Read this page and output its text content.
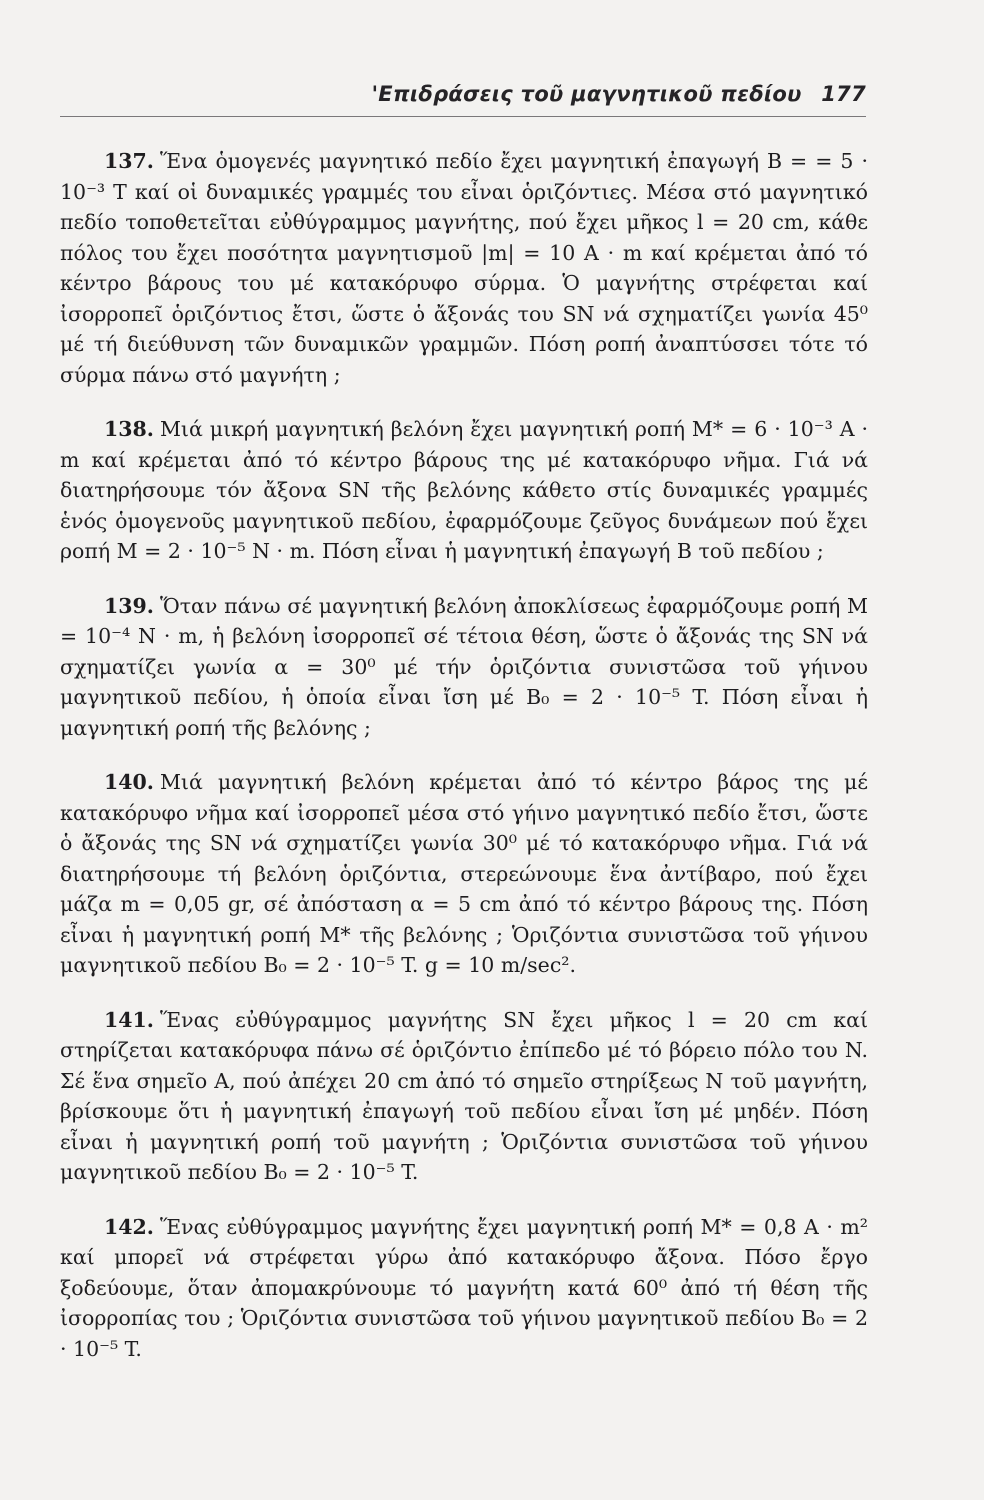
'Επιδράσεις τοῦ μαγνητικοῦ πεδίου 177

137. Ἕνα ὁμογενές μαγνητικό πεδίο ἔχει μαγνητική ἐπαγωγή B = = 5 · 10⁻³ T καί οἱ δυναμικές γραμμές του εἶναι ὁριζόντιες. Μέσα στό μαγνητικό πεδίο τοποθετεῖται εὐθύγραμμος μαγνήτης, πού ἔχει μῆκος l = 20 cm, κάθε πόλος του ἔχει ποσότητα μαγνητισμοῦ |m| = 10 A · m καί κρέμεται ἀπό τό κέντρο βάρους του μέ κατακόρυφο σύρμα. Ὁ μαγνήτης στρέφεται καί ἰσορροπεῖ ὁριζόντιος ἔτσι, ὥστε ὁ ἄξονάς του SN νά σχηματίζει γωνία 45⁰ μέ τή διεύθυνση τῶν δυναμικῶν γραμμῶν. Πόση ροπή ἀναπτύσσει τότε τό σύρμα πάνω στό μαγνήτη ;

138. Μιά μικρή μαγνητική βελόνη ἔχει μαγνητική ροπή M* = 6 · 10⁻³ A · m καί κρέμεται ἀπό τό κέντρο βάρους της μέ κατακόρυφο νῆμα. Γιά νά διατηρήσουμε τόν ἄξονα SN τῆς βελόνης κάθετο στίς δυναμικές γραμμές ἑνός ὁμογενοῦς μαγνητικοῦ πεδίου, ἐφαρμόζουμε ζεῦγος δυνάμεων πού ἔχει ροπή M = 2 · 10⁻⁵ N · m. Πόση εἶναι ἡ μαγνητική ἐπαγωγή B τοῦ πεδίου ;

139. Ὅταν πάνω σέ μαγνητική βελόνη ἀποκλίσεως ἐφαρμόζουμε ροπή M = 10⁻⁴ N · m, ἡ βελόνη ἰσορροπεῖ σέ τέτοια θέση, ὥστε ὁ ἄξονάς της SN νά σχηματίζει γωνία α = 30⁰ μέ τήν ὁριζόντια συνιστῶσα τοῦ γήινου μαγνητικοῦ πεδίου, ἡ ὁποία εἶναι ἴση μέ B₀ = 2 · 10⁻⁵ T. Πόση εἶναι ἡ μαγνητική ροπή τῆς βελόνης ;

140. Μιά μαγνητική βελόνη κρέμεται ἀπό τό κέντρο βάρος της μέ κατακόρυφο νῆμα καί ἰσορροπεῖ μέσα στό γήινο μαγνητικό πεδίο ἔτσι, ὥστε ὁ ἄξονάς της SN νά σχηματίζει γωνία 30⁰ μέ τό κατακόρυφο νῆμα. Γιά νά διατηρήσουμε τή βελόνη ὁριζόντια, στερεώνουμε ἕνα ἀντίβαρο, πού ἔχει μάζα m = 0,05 gr, σέ ἀπόσταση α = 5 cm ἀπό τό κέντρο βάρους της. Πόση εἶναι ἡ μαγνητική ροπή M* τῆς βελόνης ; Ὁριζόντια συνιστῶσα τοῦ γήινου μαγνητικοῦ πεδίου B₀ = 2 · 10⁻⁵ T. g = 10 m/sec².

141. Ἕνας εὐθύγραμμος μαγνήτης SN ἔχει μῆκος l = 20 cm καί στηρίζεται κατακόρυφα πάνω σέ ὁριζόντιο ἐπίπεδο μέ τό βόρειο πόλο του N. Σέ ἕνα σημεῖο A, πού ἀπέχει 20 cm ἀπό τό σημεῖο στηρίξεως N τοῦ μαγνήτη, βρίσκουμε ὅτι ἡ μαγνητική ἐπαγωγή τοῦ πεδίου εἶναι ἴση μέ μηδέν. Πόση εἶναι ἡ μαγνητική ροπή τοῦ μαγνήτη ; Ὁριζόντια συνιστῶσα τοῦ γήινου μαγνητικοῦ πεδίου B₀ = 2 · 10⁻⁵ T.

142. Ἕνας εὐθύγραμμος μαγνήτης ἔχει μαγνητική ροπή M* = 0,8 A · m² καί μπορεῖ νά στρέφεται γύρω ἀπό κατακόρυφο ἄξονα. Πόσο ἔργο ξοδεύουμε, ὅταν ἀπομακρύνουμε τό μαγνήτη κατά 60⁰ ἀπό τή θέση τῆς ἰσορροπίας του ; Ὁριζόντια συνιστῶσα τοῦ γήινου μαγνητικοῦ πεδίου B₀ = 2 · 10⁻⁵ T.
